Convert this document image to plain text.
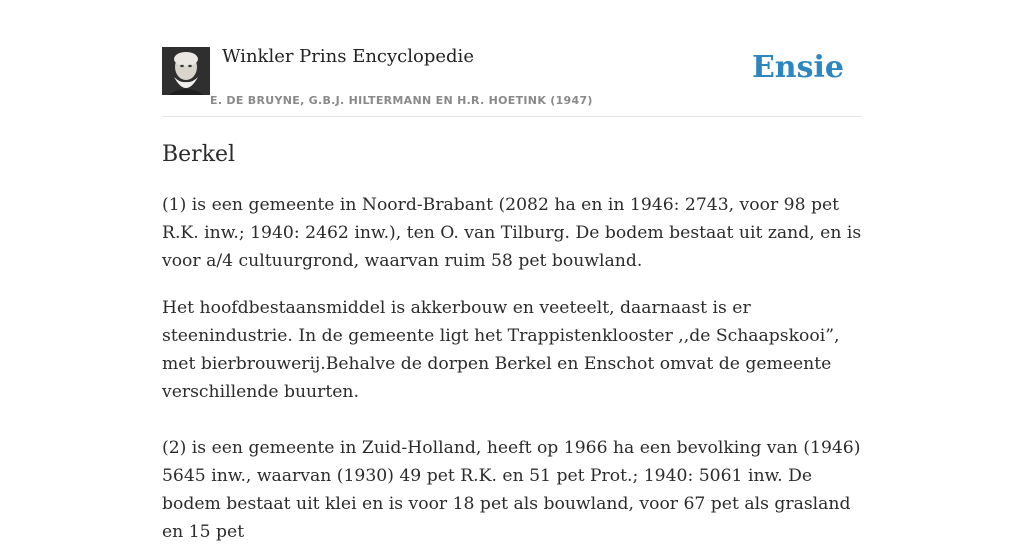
Winkler Prins Encyclopedie
E. DE BRUYNE, G.B.J. HILTERMANN EN H.R. HOETINK (1947)
Ensie
Berkel

(1) is een gemeente in Noord-Brabant (2082 ha en in 1946: 2743, voor 98 pet R.K. inw.; 1940: 2462 inw.), ten O. van Tilburg. De bodem bestaat uit zand, en is voor a/4 cultuurgrond, waarvan ruim 58 pet bouwland.

Het hoofdbestaansmiddel is akkerbouw en veeteelt, daarnaast is er steenindustrie. In de gemeente ligt het Trappistenklooster ,,de Schaapskooi”, met bierbrouwerij.Behalve de dorpen Berkel en Enschot omvat de gemeente verschillende buurten.

(2) is een gemeente in Zuid-Holland, heeft op 1966 ha een bevolking van (1946) 5645 inw., waarvan (1930) 49 pet R.K. en 51 pet Prot.; 1940: 5061 inw. De bodem bestaat uit klei en is voor 18 pet als bouwland, voor 67 pet als grasland en 15 pet
